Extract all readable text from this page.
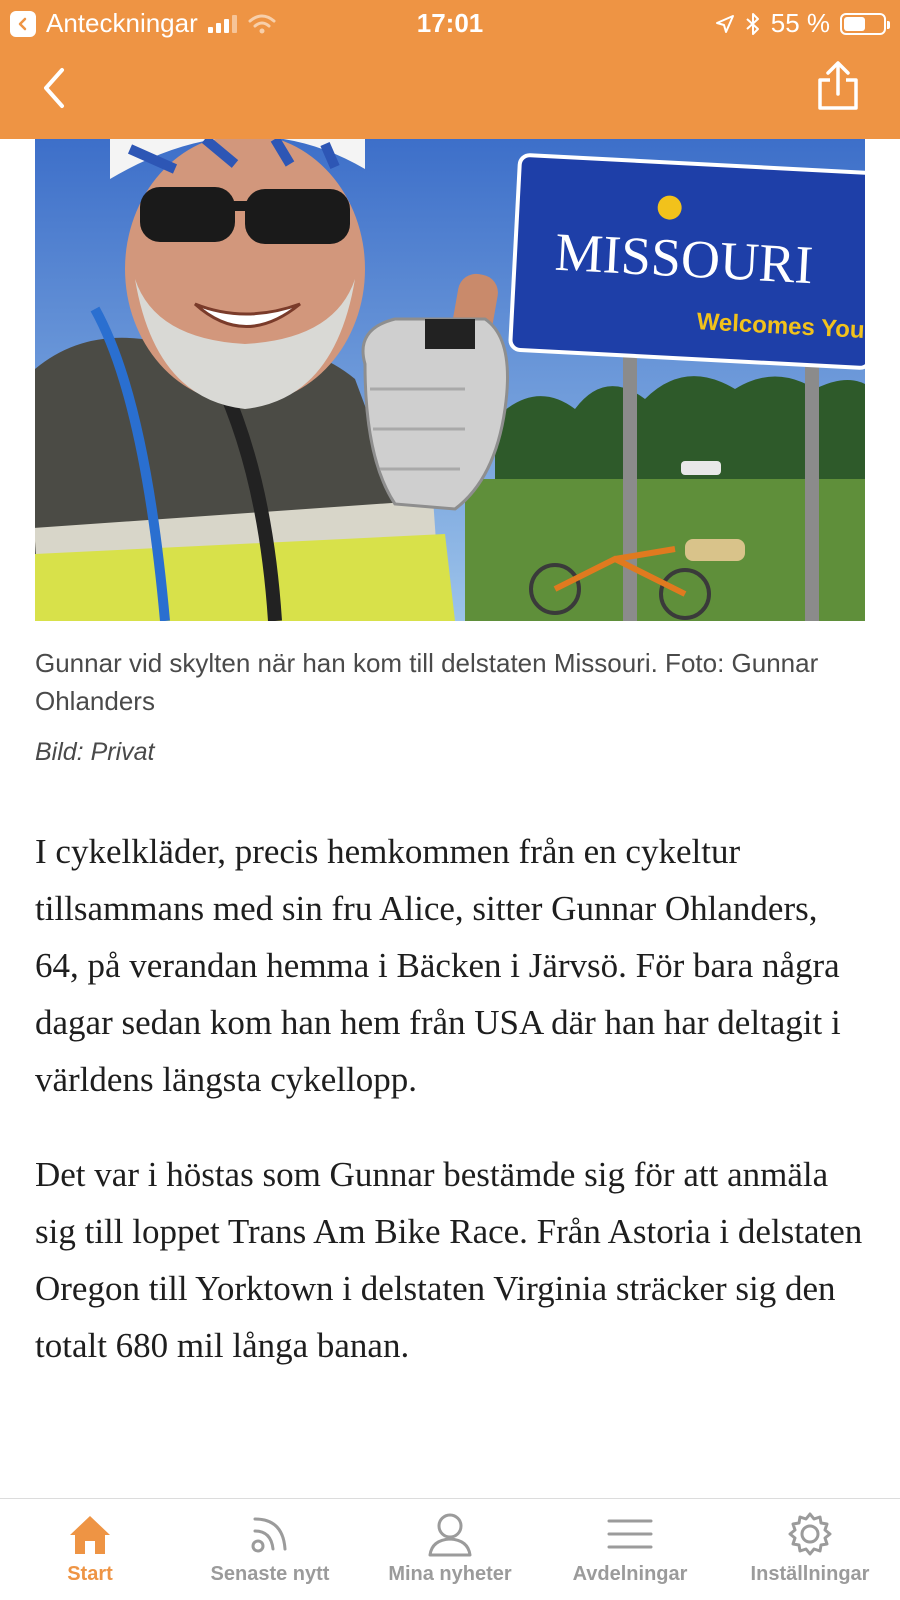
Anteckningar	17:01	55 %
MISSOURI
Welcomes You
Gunnar vid skylten när han kom till delstaten Missouri. Foto: Gunnar Ohlanders
Bild: Privat

I cykelkläder, precis hemkommen från en cykeltur tillsammans med sin fru Alice, sitter Gunnar Ohlanders, 64, på verandan hemma i Bäcken i Järvsö. För bara några dagar sedan kom han hem från USA där han har deltagit i världens längsta cykellopp.

Det var i höstas som Gunnar bestämde sig för att anmäla sig till loppet Trans Am Bike Race. Från Astoria i delstaten Oregon till Yorktown i delstaten Virginia sträcker sig den totalt 680 mil långa banan.

Start	Senaste nytt	Mina nyheter	Avdelningar	Inställningar
